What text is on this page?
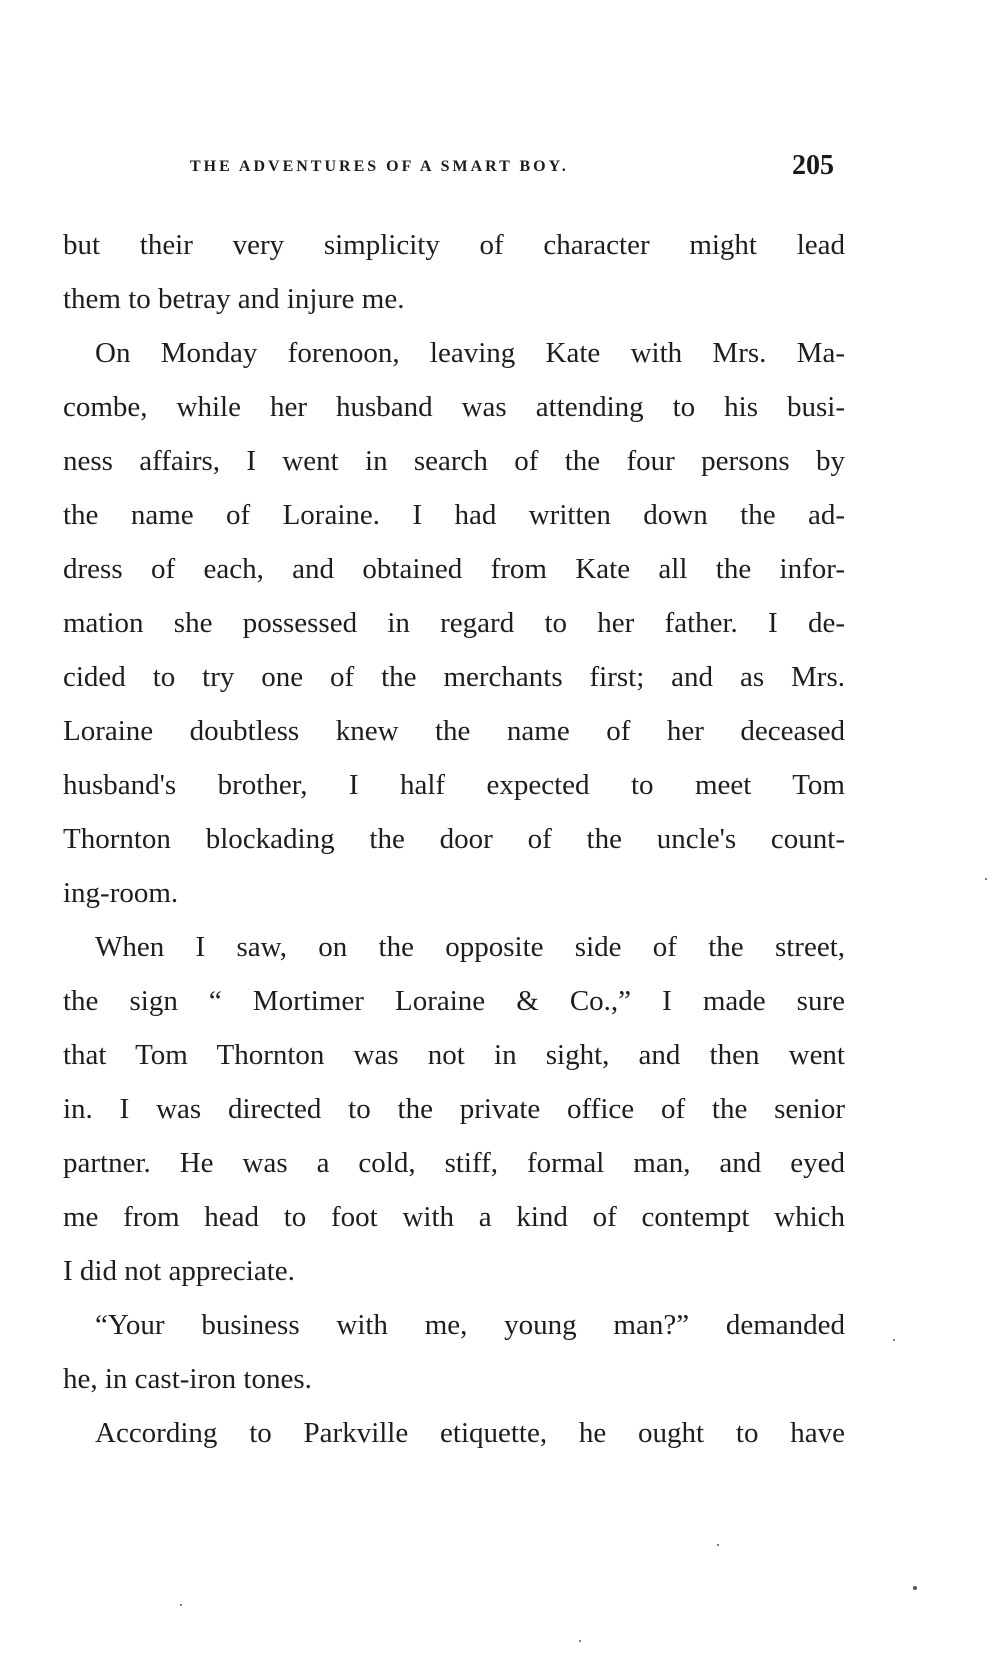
THE ADVENTURES OF A SMART BOY.	205
but their very simplicity of character might lead
them to betray and injure me.
On Monday forenoon, leaving Kate with Mrs. Ma-
combe, while her husband was attending to his busi-
ness affairs, I went in search of the four persons by
the name of Loraine. I had written down the ad-
dress of each, and obtained from Kate all the infor-
mation she possessed in regard to her father. I de-
cided to try one of the merchants first; and as Mrs.
Loraine doubtless knew the name of her deceased
husband's brother, I half expected to meet Tom
Thornton blockading the door of the uncle's count-
ing-room.
When I saw, on the opposite side of the street,
the sign “ Mortimer Loraine & Co.,” I made sure
that Tom Thornton was not in sight, and then went
in. I was directed to the private office of the senior
partner. He was a cold, stiff, formal man, and eyed
me from head to foot with a kind of contempt which
I did not appreciate.
“Your business with me, young man?” demanded
he, in cast-iron tones.
According to Parkville etiquette, he ought to have
